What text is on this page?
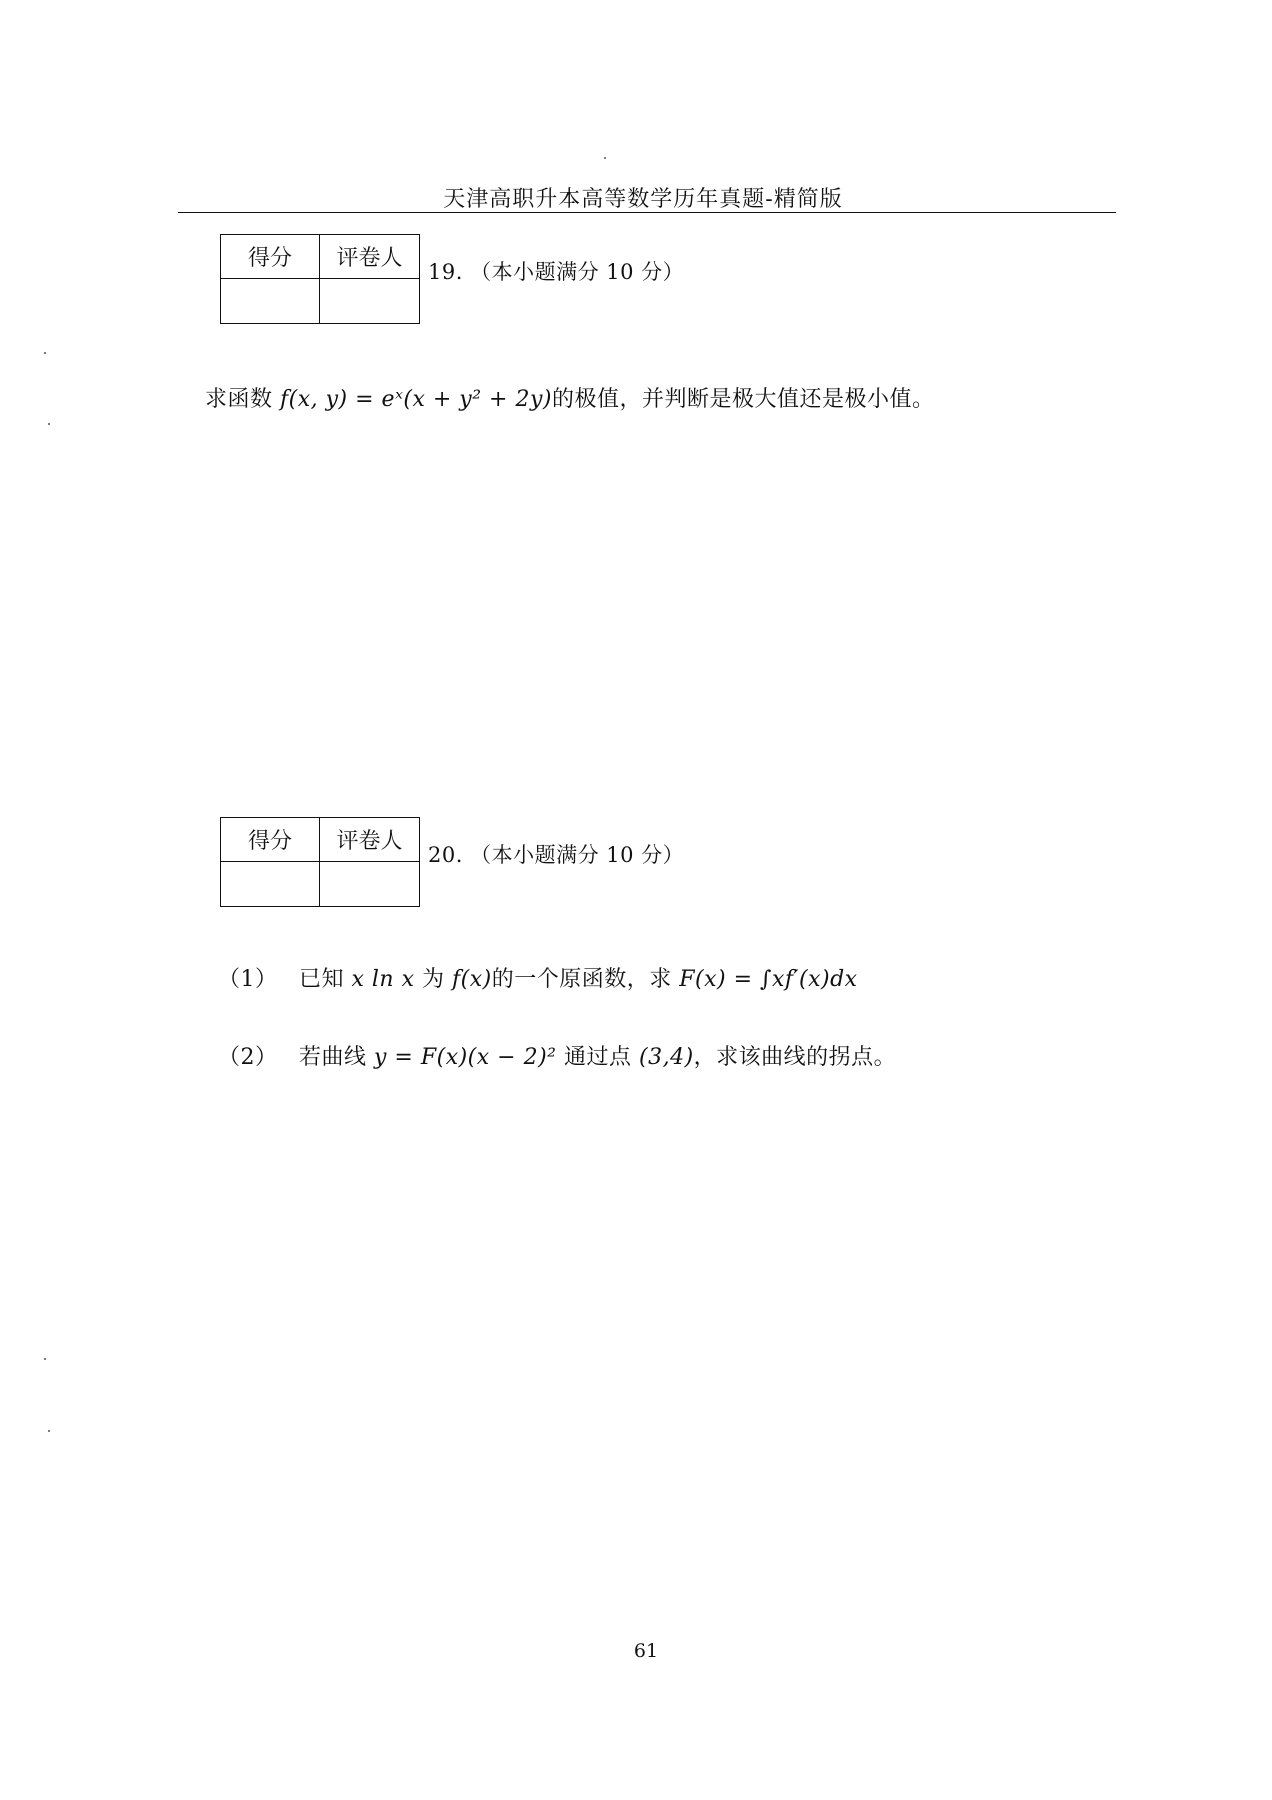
天津高职升本高等数学历年真题-精简版
得分	评卷人
19. （本小题满分 10 分）
求函数 f(x, y) = eˣ(x + y² + 2y)的极值，并判断是极大值还是极小值。
得分	评卷人
20. （本小题满分 10 分）
（1） 已知 x ln x 为 f(x)的一个原函数，求 F(x) = ∫xf′(x)dx
（2） 若曲线 y = F(x)(x − 2)² 通过点 (3,4)，求该曲线的拐点。
61
